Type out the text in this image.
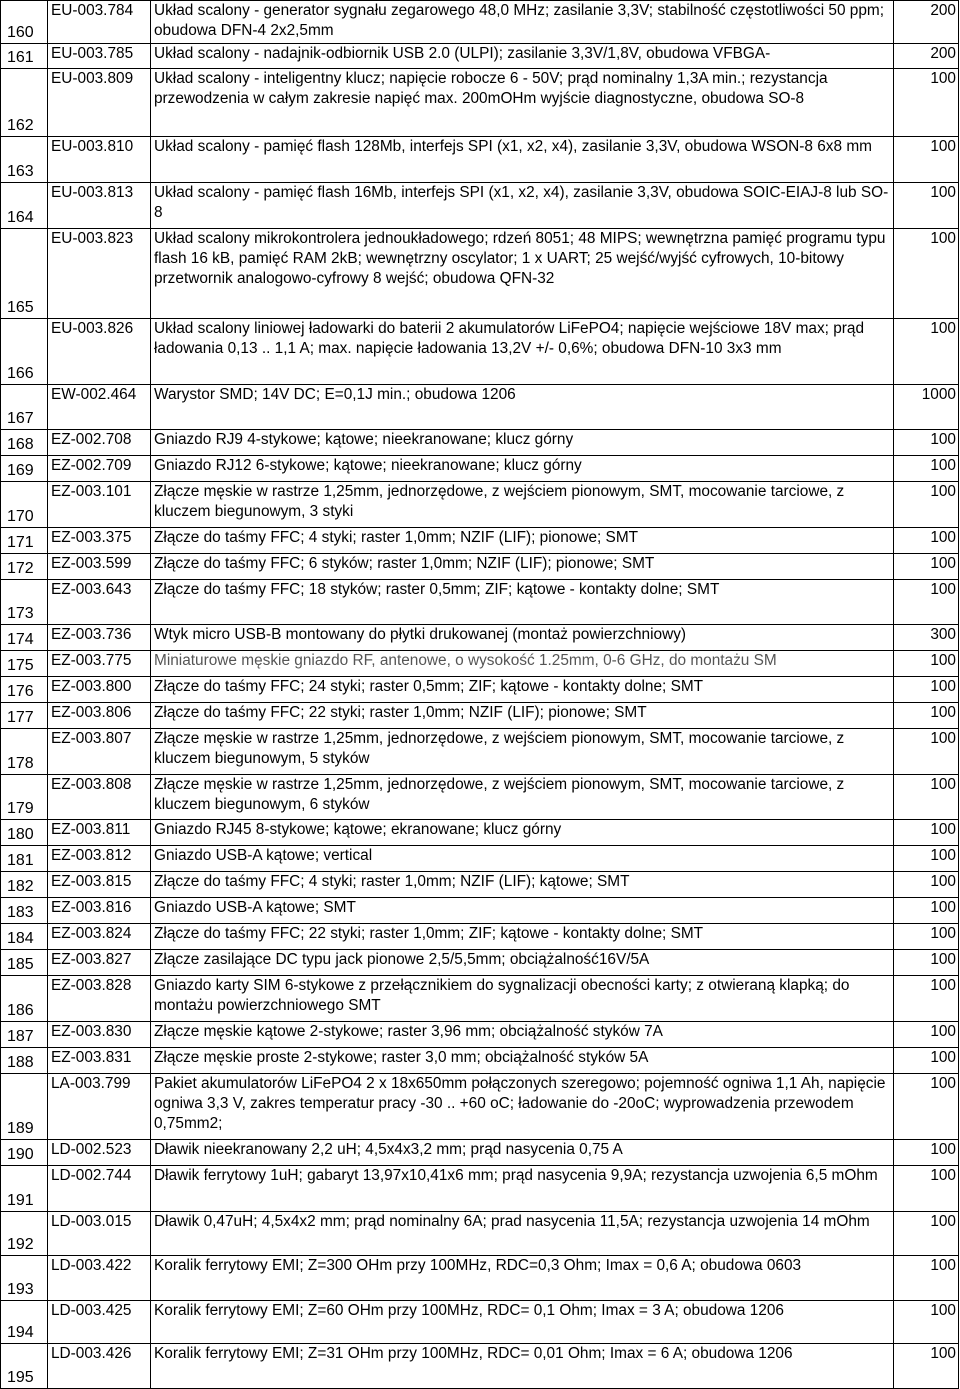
160	EU-003.784	Układ scalony - generator sygnału zegarowego 48,0 MHz; zasilanie 3,3V; stabilność częstotliwości 50 ppm; obudowa DFN-4 2x2,5mm	200
161	EU-003.785	Układ scalony - nadajnik-odbiornik USB 2.0 (ULPI); zasilanie 3,3V/1,8V, obudowa VFBGA-	200
162	EU-003.809	Układ scalony - inteligentny klucz; napięcie robocze 6 - 50V; prąd nominalny 1,3A min.; rezystancja przewodzenia w całym zakresie napięć max. 200mOHm wyjście diagnostyczne, obudowa SO-8	100
163	EU-003.810	Układ scalony - pamięć flash 128Mb, interfejs SPI (x1, x2, x4), zasilanie 3,3V, obudowa WSON-8 6x8 mm	100
164	EU-003.813	Układ scalony - pamięć flash 16Mb, interfejs SPI (x1, x2, x4), zasilanie 3,3V, obudowa SOIC-EIAJ-8 lub SO-8	100
165	EU-003.823	Układ scalony mikrokontrolera jednoukładowego; rdzeń 8051; 48 MIPS; wewnętrzna pamięć programu typu flash 16 kB, pamięć RAM 2kB; wewnętrzny oscylator; 1 x UART; 25 wejść/wyjść cyfrowych, 10-bitowy przetwornik analogowo-cyfrowy 8 wejść; obudowa QFN-32	100
166	EU-003.826	Układ scalony liniowej ładowarki do baterii 2 akumulatorów LiFePO4; napięcie wejściowe 18V max; prąd ładowania 0,13 .. 1,1 A; max. napięcie ładowania 13,2V +/- 0,6%; obudowa DFN-10 3x3 mm	100
167	EW-002.464	Warystor SMD; 14V DC; E=0,1J min.; obudowa 1206	1000
168	EZ-002.708	Gniazdo RJ9 4-stykowe; kątowe; nieekranowane; klucz górny	100
169	EZ-002.709	Gniazdo RJ12 6-stykowe; kątowe; nieekranowane; klucz górny	100
170	EZ-003.101	Złącze męskie w rastrze 1,25mm, jednorzędowe, z wejściem pionowym, SMT, mocowanie tarciowe, z kluczem biegunowym, 3 styki	100
171	EZ-003.375	Złącze do taśmy FFC; 4 styki; raster 1,0mm; NZIF (LIF); pionowe; SMT	100
172	EZ-003.599	Złącze do taśmy FFC; 6 styków; raster 1,0mm; NZIF (LIF); pionowe; SMT	100
173	EZ-003.643	Złącze do taśmy FFC; 18 styków; raster 0,5mm; ZIF; kątowe - kontakty dolne; SMT	100
174	EZ-003.736	Wtyk micro USB-B montowany do płytki drukowanej (montaż powierzchniowy)	300
175	EZ-003.775	Miniaturowe męskie gniazdo RF, antenowe, o wysokość 1.25mm, 0-6 GHz, do montażu SM	100
176	EZ-003.800	Złącze do taśmy FFC; 24 styki; raster 0,5mm; ZIF; kątowe - kontakty dolne; SMT	100
177	EZ-003.806	Złącze do taśmy FFC; 22 styki; raster 1,0mm; NZIF (LIF); pionowe; SMT	100
178	EZ-003.807	Złącze męskie w rastrze 1,25mm, jednorzędowe, z wejściem pionowym, SMT, mocowanie tarciowe, z kluczem biegunowym, 5 styków	100
179	EZ-003.808	Złącze męskie w rastrze 1,25mm, jednorzędowe, z wejściem pionowym, SMT, mocowanie tarciowe, z kluczem biegunowym, 6 styków	100
180	EZ-003.811	Gniazdo RJ45 8-stykowe; kątowe; ekranowane; klucz górny	100
181	EZ-003.812	Gniazdo USB-A kątowe; vertical	100
182	EZ-003.815	Złącze do taśmy FFC; 4 styki; raster 1,0mm; NZIF (LIF); kątowe; SMT	100
183	EZ-003.816	Gniazdo USB-A kątowe; SMT	100
184	EZ-003.824	Złącze do taśmy FFC; 22 styki; raster 1,0mm; ZIF; kątowe - kontakty dolne; SMT	100
185	EZ-003.827	Złącze zasilające DC typu jack pionowe 2,5/5,5mm; obciążalność16V/5A	100
186	EZ-003.828	Gniazdo karty SIM 6-stykowe z przełącznikiem do sygnalizacji obecności karty; z otwieraną klapką; do montażu powierzchniowego SMT	100
187	EZ-003.830	Złącze męskie kątowe 2-stykowe; raster 3,96 mm; obciążalność styków 7A	100
188	EZ-003.831	Złącze męskie proste 2-stykowe; raster 3,0 mm; obciążalność styków 5A	100
189	LA-003.799	Pakiet akumulatorów LiFePO4 2 x 18x650mm połączonych szeregowo; pojemność ogniwa 1,1 Ah, napięcie ogniwa 3,3 V, zakres temperatur pracy -30 .. +60 oC; ładowanie do -20oC; wyprowadzenia przewodem 0,75mm2;	100
190	LD-002.523	Dławik nieekranowany 2,2 uH; 4,5x4x3,2 mm; prąd nasycenia 0,75 A	100
191	LD-002.744	Dławik ferrytowy 1uH; gabaryt 13,97x10,41x6 mm; prąd nasycenia 9,9A; rezystancja uzwojenia 6,5 mOhm	100
192	LD-003.015	Dławik 0,47uH; 4,5x4x2 mm; prąd nominalny 6A; prad nasycenia 11,5A; rezystancja uzwojenia 14 mOhm	100
193	LD-003.422	Koralik ferrytowy EMI; Z=300 OHm przy 100MHz, RDC=0,3 Ohm; Imax = 0,6 A; obudowa 0603	100
194	LD-003.425	Koralik ferrytowy EMI; Z=60 OHm przy 100MHz, RDC= 0,1 Ohm; Imax = 3 A; obudowa 1206	100
195	LD-003.426	Koralik ferrytowy EMI; Z=31 OHm przy 100MHz, RDC= 0,01 Ohm; Imax = 6 A; obudowa 1206	100
